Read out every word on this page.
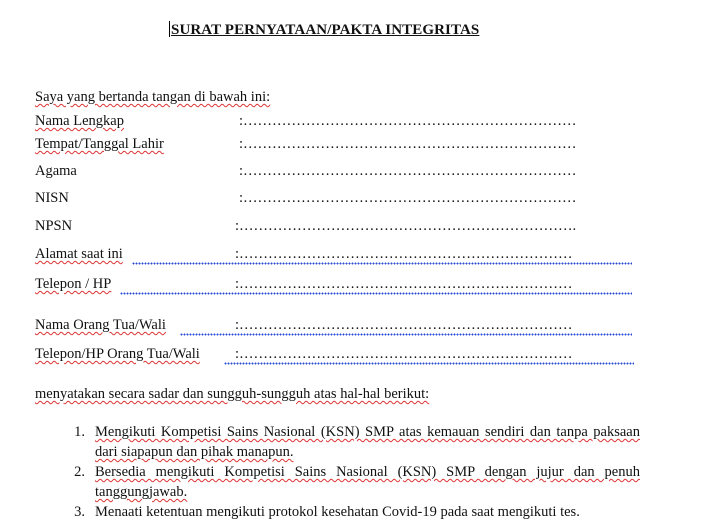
SURAT PERNYATAAN/PAKTA INTEGRITAS
Saya yang bertanda tangan di bawah ini:
Nama Lengkap	:……………………………………………………………
Tempat/Tanggal Lahir	:……………………………………………………………
Agama	:……………………………………………………………
NISN	:……………………………………………………………
NPSN	:…………………………………………………………….
Alamat saat ini	:……………………………………………………………
Telepon / HP	:……………………………………………………………
Nama Orang Tua/Wali	:……………………………………………………………
Telepon/HP Orang Tua/Wali :……………………………………………………………
menyatakan secara sadar dan sungguh-sungguh atas hal-hal berikut:
1. Mengikuti Kompetisi Sains Nasional (KSN) SMP atas kemauan sendiri dan tanpa paksaan dari siapapun dan pihak manapun.
2. Bersedia mengikuti Kompetisi Sains Nasional (KSN) SMP dengan jujur dan penuh tanggungjawab.
3. Menaati ketentuan mengikuti protokol kesehatan Covid-19 pada saat mengikuti tes.
